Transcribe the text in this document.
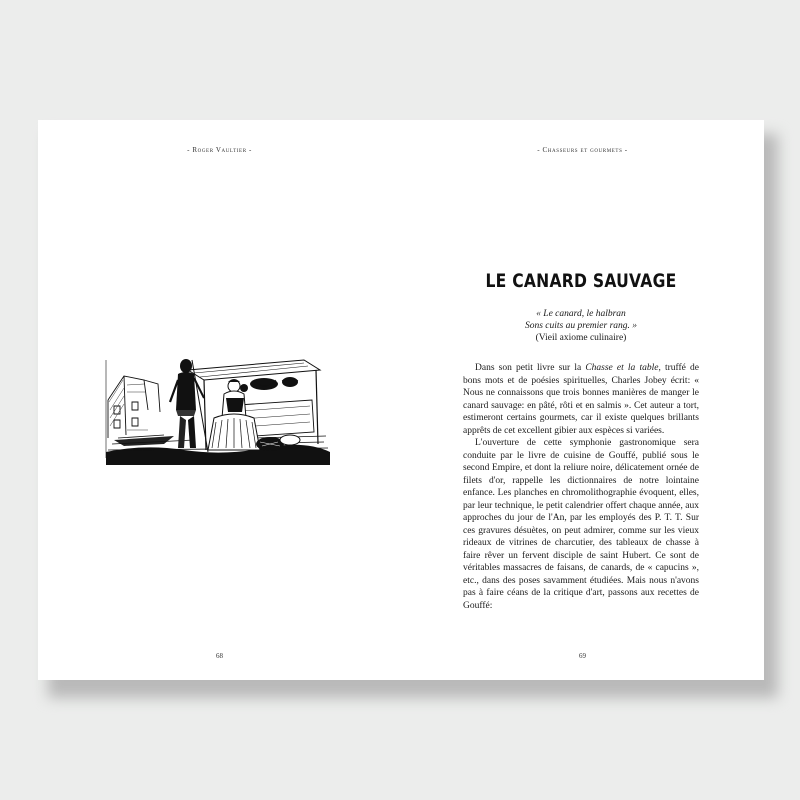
- Roger Vaultier -
68
- Chasseurs et gourmets -
LE CANARD SAUVAGE
« Le canard, le halbran
Sons cuits au premier rang. »
(Vieil axiome culinaire)

Dans son petit livre sur la Chasse et la table, truffé de bons mots et de poésies spirituelles, Charles Jobey écrit: « Nous ne connaissons que trois bonnes manières de manger le canard sauvage: en pâté, rôti et en salmis ». Cet auteur a tort, estimeront certains gourmets, car il existe quelques brillants apprêts de cet excellent gibier aux espèces si variées.

L'ouverture de cette symphonie gastronomique sera conduite par le livre de cuisine de Gouffé, publié sous le second Empire, et dont la reliure noire, délicatement ornée de filets d'or, rappelle les dictionnaires de notre lointaine enfance. Les planches en chromolithographie évoquent, elles, par leur technique, le petit calendrier offert chaque année, aux approches du jour de l'An, par les employés des P. T. T. Sur ces gravures désuètes, on peut admirer, comme sur les vieux rideaux de vitrines de charcutier, des tableaux de chasse à faire rêver un fervent disciple de saint Hubert. Ce sont de véritables massacres de faisans, de canards, de « capucins », etc., dans des poses savamment étudiées. Mais nous n'avons pas à faire céans de la critique d'art, passons aux recettes de Gouffé:

69
